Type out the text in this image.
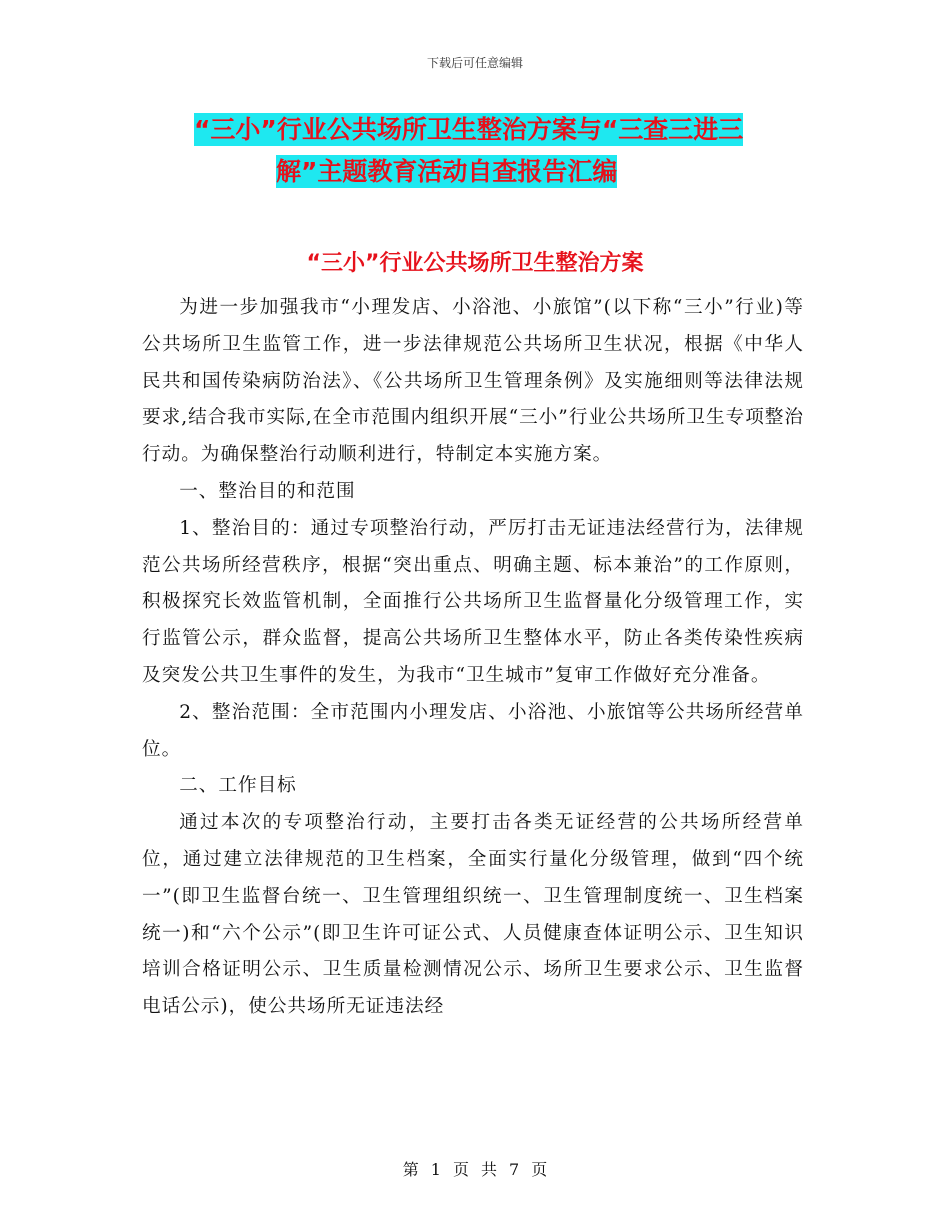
下载后可任意编辑
“三小”行业公共场所卫生整治方案与“三查三进三
解”主题教育活动自查报告汇编
“三小”行业公共场所卫生整治方案

为进一步加强我市“小理发店、小浴池、小旅馆”(以下称“三小”行业)等公共场所卫生监管工作，进一步法律规范公共场所卫生状况，根据《中华人民共和国传染病防治法》、《公共场所卫生管理条例》及实施细则等法律法规要求,结合我市实际,在全市范围内组织开展“三小”行业公共场所卫生专项整治行动。为确保整治行动顺利进行，特制定本实施方案。

一、整治目的和范围

1、整治目的：通过专项整治行动，严厉打击无证违法经营行为，法律规范公共场所经营秩序，根据“突出重点、明确主题、标本兼治”的工作原则，积极探究长效监管机制，全面推行公共场所卫生监督量化分级管理工作，实行监管公示，群众监督，提高公共场所卫生整体水平，防止各类传染性疾病及突发公共卫生事件的发生，为我市“卫生城市”复审工作做好充分准备。

2、整治范围：全市范围内小理发店、小浴池、小旅馆等公共场所经营单位。

二、工作目标

通过本次的专项整治行动，主要打击各类无证经营的公共场所经营单位，通过建立法律规范的卫生档案，全面实行量化分级管理，做到“四个统一”(即卫生监督台统一、卫生管理组织统一、卫生管理制度统一、卫生档案统一)和“六个公示”(即卫生许可证公式、人员健康查体证明公示、卫生知识培训合格证明公示、卫生质量检测情况公示、场所卫生要求公示、卫生监督电话公示)，使公共场所无证违法经

第 1 页 共 7 页
